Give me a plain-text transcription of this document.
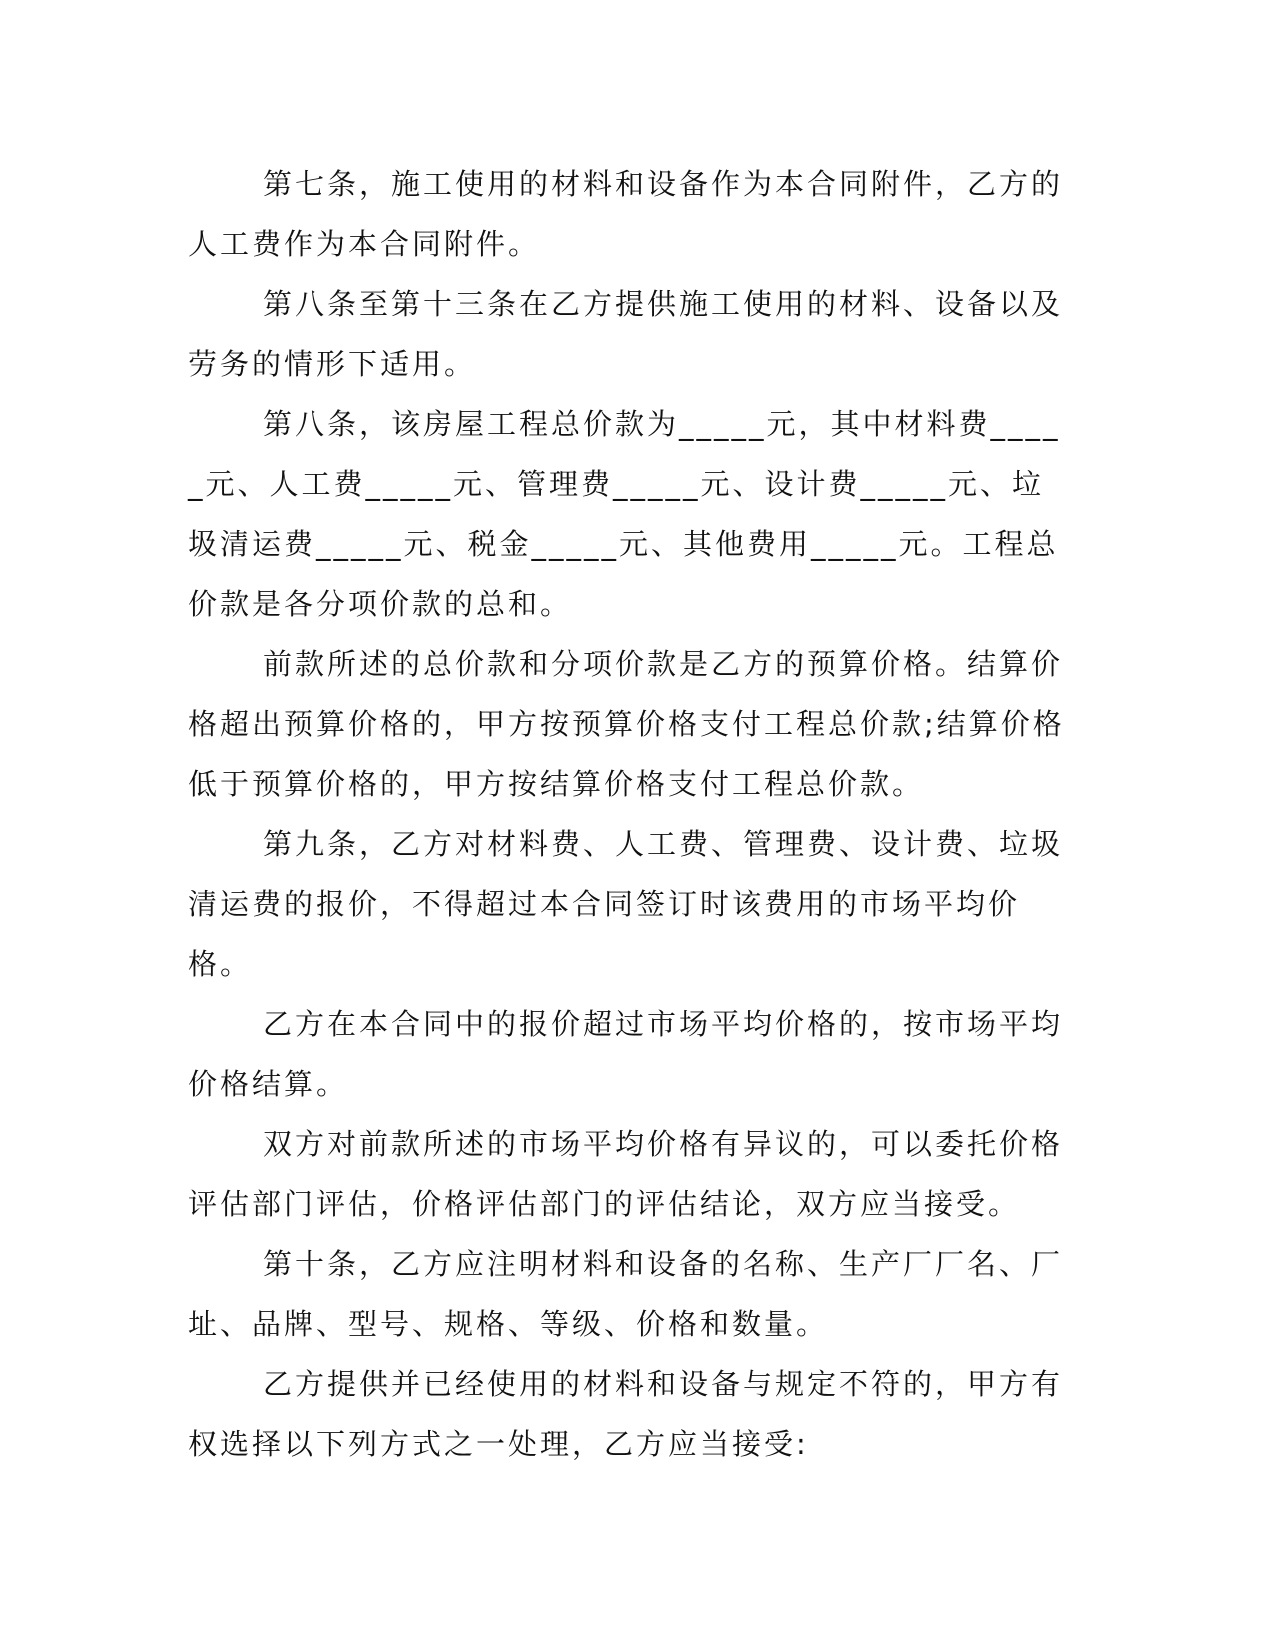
第七条，施工使用的材料和设备作为本合同附件，乙方的人工费作为本合同附件。

第八条至第十三条在乙方提供施工使用的材料、设备以及劳务的情形下适用。

第八条，该房屋工程总价款为_____元，其中材料费_____元、人工费_____元、管理费_____元、设计费_____元、垃圾清运费_____元、税金_____元、其他费用_____元。工程总价款是各分项价款的总和。

前款所述的总价款和分项价款是乙方的预算价格。结算价格超出预算价格的，甲方按预算价格支付工程总价款;结算价格低于预算价格的，甲方按结算价格支付工程总价款。

第九条，乙方对材料费、人工费、管理费、设计费、垃圾清运费的报价，不得超过本合同签订时该费用的市场平均价格。

乙方在本合同中的报价超过市场平均价格的，按市场平均价格结算。

双方对前款所述的市场平均价格有异议的，可以委托价格评估部门评估，价格评估部门的评估结论，双方应当接受。

第十条，乙方应注明材料和设备的名称、生产厂厂名、厂址、品牌、型号、规格、等级、价格和数量。

乙方提供并已经使用的材料和设备与规定不符的，甲方有权选择以下列方式之一处理，乙方应当接受:
